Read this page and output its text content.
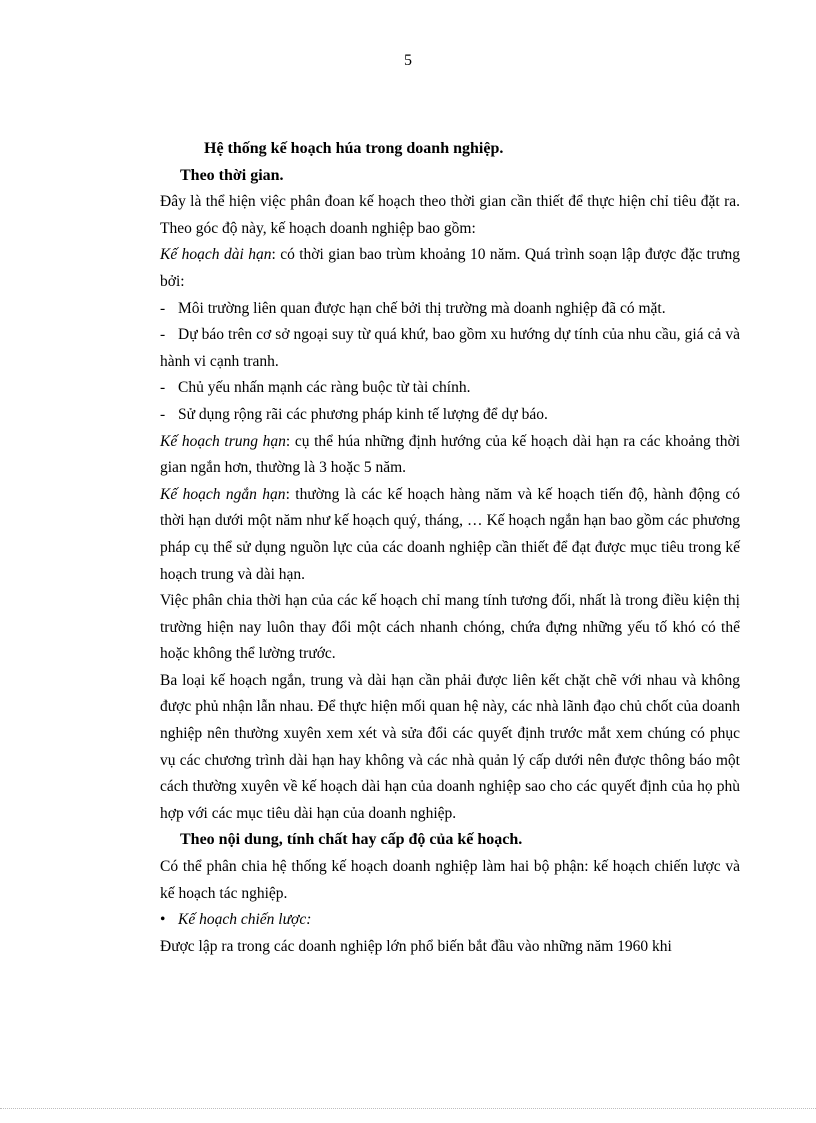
5

Hệ thống kế hoạch húa trong doanh nghiệp.

Theo thời gian.

Đây là thể hiện việc phân đoan kế hoạch theo thời gian cần thiết để thực hiện chỉ tiêu đặt ra. Theo góc độ này, kế hoạch doanh nghiệp bao gồm:

Kế hoạch dài hạn: có thời gian bao trùm khoảng 10 năm. Quá trình soạn lập được đặc trưng bởi:

- Môi trường liên quan được hạn chế bởi thị trường mà doanh nghiệp đã có mặt.

- Dự báo trên cơ sở ngoại suy từ quá khứ, bao gồm xu hướng dự tính của nhu cầu, giá cả và hành vi cạnh tranh.

- Chủ yếu nhấn mạnh các ràng buộc từ tài chính.

- Sử dụng rộng rãi các phương pháp kinh tế lượng để dự báo.

Kế hoạch trung hạn: cụ thể húa những định hướng của kế hoạch dài hạn ra các khoảng thời gian ngắn hơn, thường là 3 hoặc 5 năm.

Kế hoạch ngắn hạn: thường là các kế hoạch hàng năm và kế hoạch tiến độ, hành động có thời hạn dưới một năm như kế hoạch quý, tháng, … Kế hoạch ngắn hạn bao gồm các phương pháp cụ thể sử dụng nguồn lực của các doanh nghiệp cần thiết để đạt được mục tiêu trong kế hoạch trung và dài hạn.

Việc phân chia thời hạn của các kế hoạch chỉ mang tính tương đối, nhất là trong điều kiện thị trường hiện nay luôn thay đổi một cách nhanh chóng, chứa đựng những yếu tố khó có thể hoặc không thể lường trước.

Ba loại kế hoạch ngắn, trung và dài hạn cần phải được liên kết chặt chẽ với nhau và không được phủ nhận lẫn nhau. Để thực hiện mối quan hệ này, các nhà lãnh đạo chủ chốt của doanh nghiệp nên thường xuyên xem xét và sửa đổi các quyết định trước mắt xem chúng có phục vụ các chương trình dài hạn hay không và các nhà quản lý cấp dưới nên được thông báo một cách thường xuyên về kế hoạch dài hạn của doanh nghiệp sao cho các quyết định của họ phù hợp với các mục tiêu dài hạn của doanh nghiệp.

Theo nội dung, tính chất hay cấp độ của kế hoạch.

Có thể phân chia hệ thống kế hoạch doanh nghiệp làm hai bộ phận: kế hoạch chiến lược và kế hoạch tác nghiệp.

• Kế hoạch chiến lược:

Được lập ra trong các doanh nghiệp lớn phổ biến bắt đầu vào những năm 1960 khi
